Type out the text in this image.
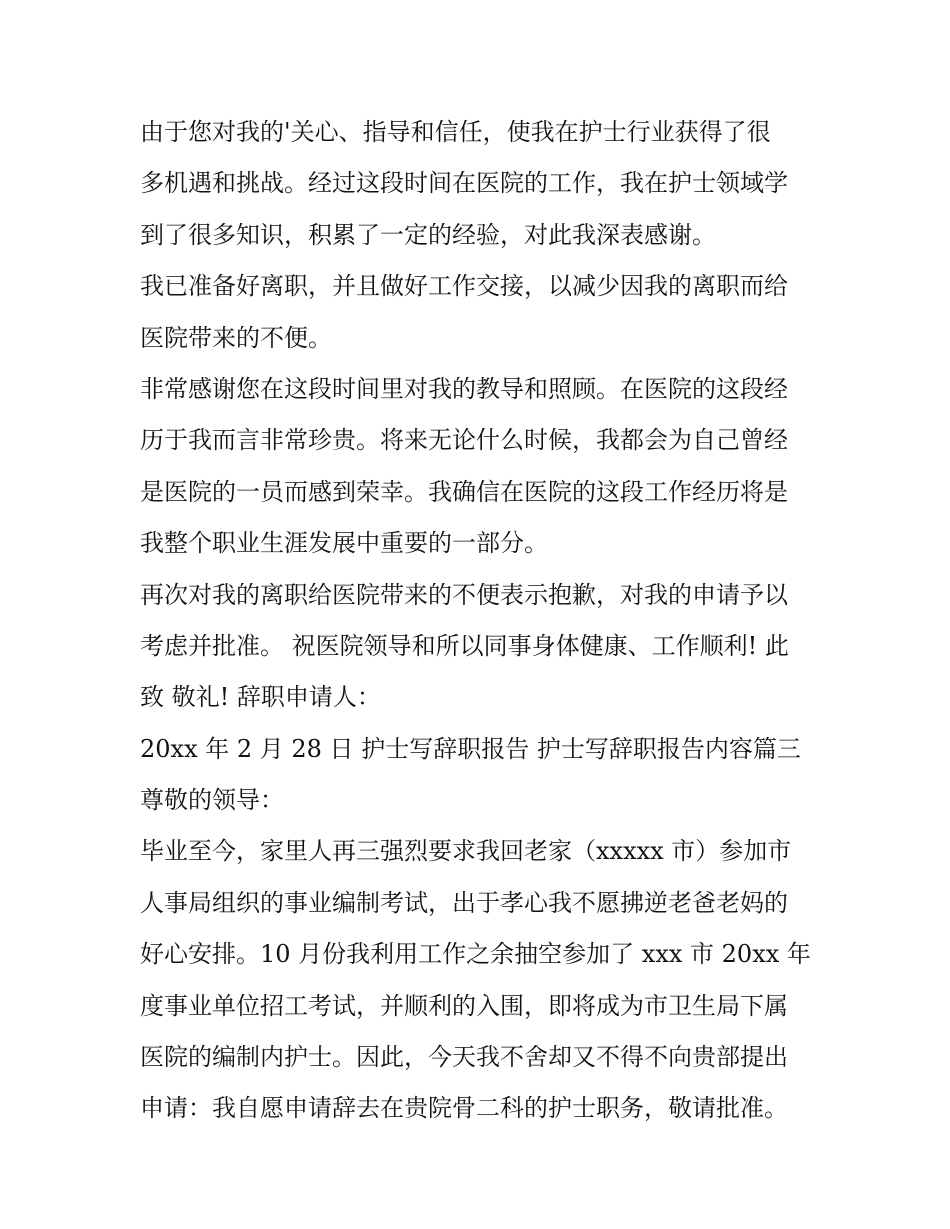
由于您对我的'关心、指导和信任，使我在护士行业获得了很
多机遇和挑战。经过这段时间在医院的工作，我在护士领域学
到了很多知识，积累了一定的经验，对此我深表感谢。
我已准备好离职，并且做好工作交接，以减少因我的离职而给
医院带来的不便。
非常感谢您在这段时间里对我的教导和照顾。在医院的这段经
历于我而言非常珍贵。将来无论什么时候，我都会为自己曾经
是医院的一员而感到荣幸。我确信在医院的这段工作经历将是
我整个职业生涯发展中重要的一部分。
再次对我的离职给医院带来的不便表示抱歉，对我的申请予以
考虑并批准。 祝医院领导和所以同事身体健康、工作顺利! 此
致 敬礼! 辞职申请人：
20xx 年 2 月 28 日 护士写辞职报告 护士写辞职报告内容篇三
尊敬的领导：
毕业至今，家里人再三强烈要求我回老家（xxxxx 市）参加市
人事局组织的事业编制考试，出于孝心我不愿拂逆老爸老妈的
好心安排。10 月份我利用工作之余抽空参加了 xxx 市 20xx 年
度事业单位招工考试，并顺利的入围，即将成为市卫生局下属
医院的编制内护士。因此，今天我不舍却又不得不向贵部提出
申请：我自愿申请辞去在贵院骨二科的护士职务，敬请批准。
